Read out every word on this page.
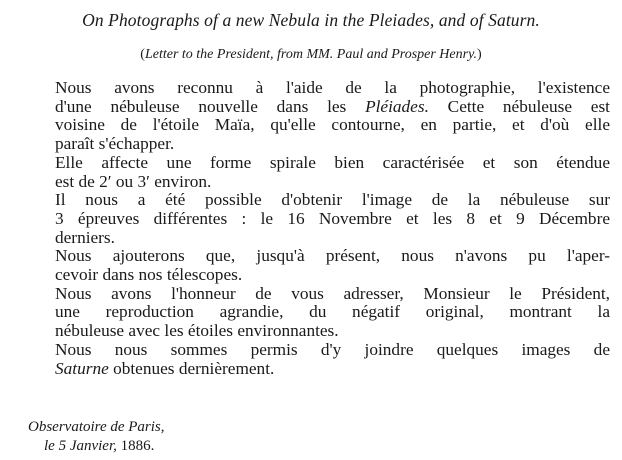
On Photographs of a new Nebula in the Pleiades, and of Saturn.
(Letter to the President, from MM. Paul and Prosper Henry.)

Nous avons reconnu à l'aide de la photographie, l'existence
d'une nébuleuse nouvelle dans les Pléiades. Cette nébuleuse est
voisine de l'étoile Maïa, qu'elle contourne, en partie, et d'où elle
paraît s'échapper.

Elle affecte une forme spirale bien caractérisée et son étendue
est de 2′ ou 3′ environ.

Il nous a été possible d'obtenir l'image de la nébuleuse sur
3 épreuves différentes : le 16 Novembre et les 8 et 9 Décembre
derniers.

Nous ajouterons que, jusqu'à présent, nous n'avons pu l'aper-
cevoir dans nos télescopes.

Nous avons l'honneur de vous adresser, Monsieur le Président,
une reproduction agrandie, du négatif original, montrant la
nébuleuse avec les étoiles environnantes.

Nous nous sommes permis d'y joindre quelques images de
Saturne obtenues dernièrement.

Observatoire de Paris,
le 5 Janvier, 1886.
